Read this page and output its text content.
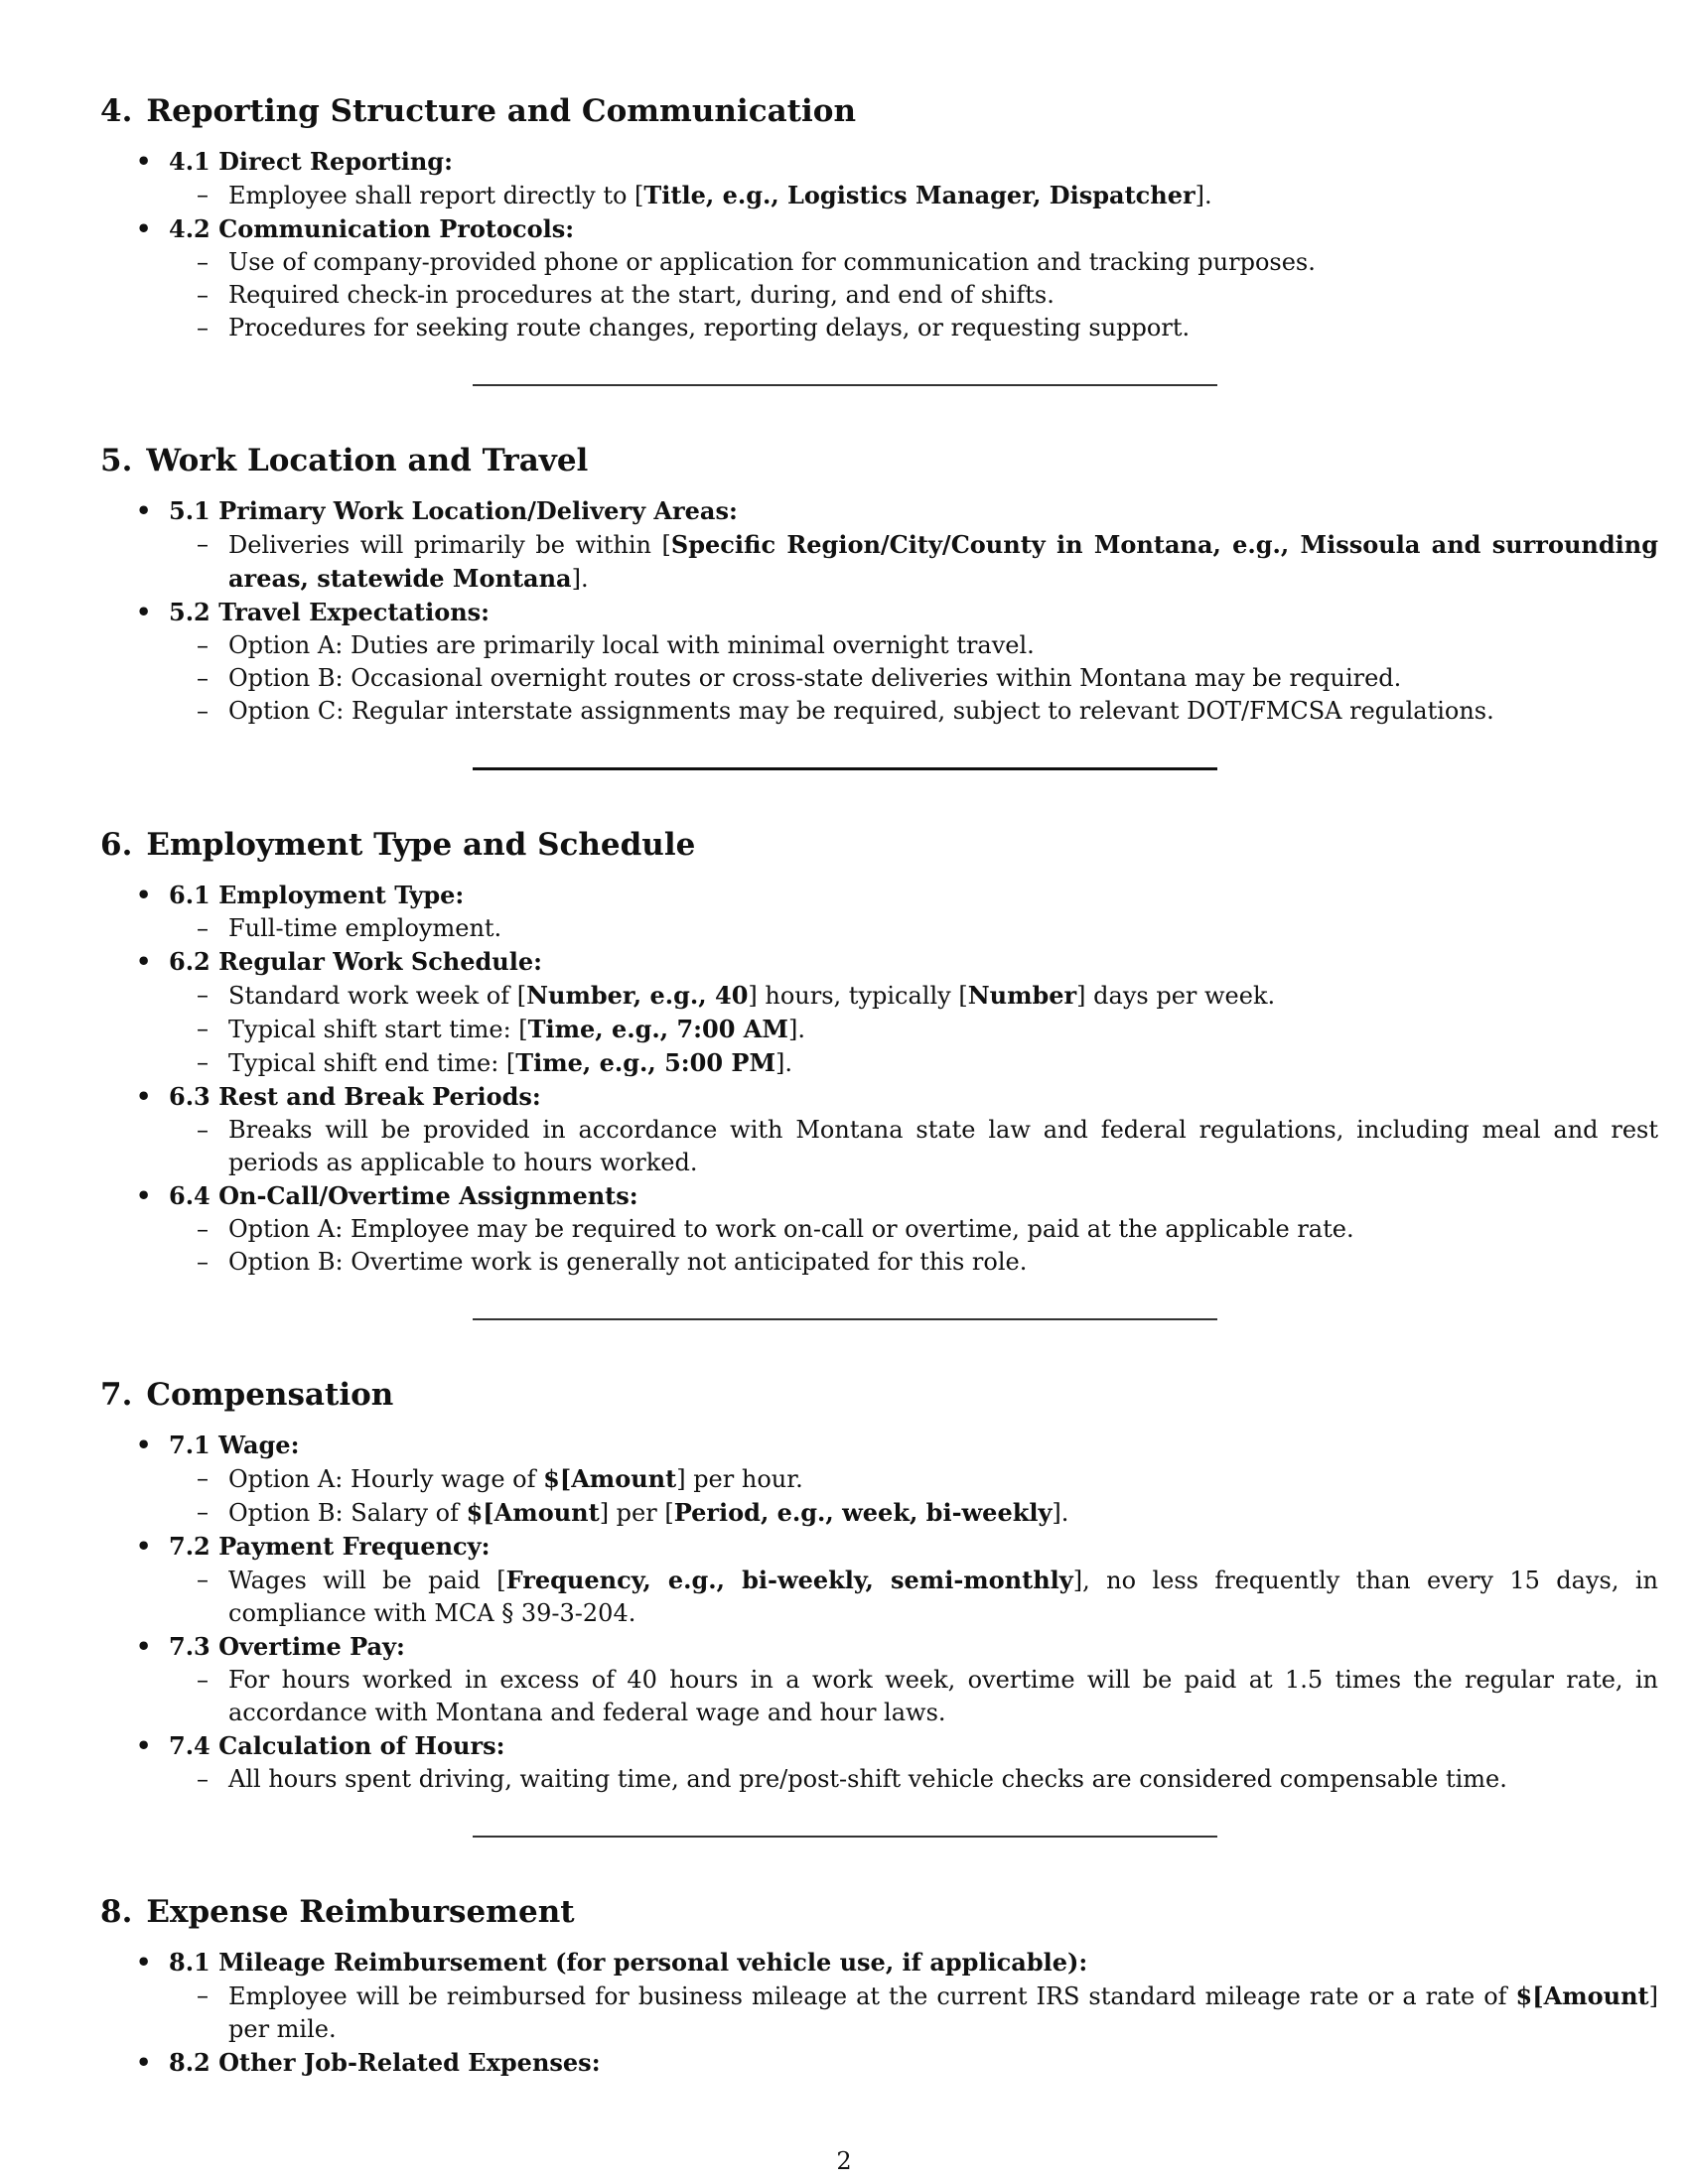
4. Reporting Structure and Communication
• 4.1 Direct Reporting:
– Employee shall report directly to [Title, e.g., Logistics Manager, Dispatcher].
• 4.2 Communication Protocols:
– Use of company-provided phone or application for communication and tracking purposes.
– Required check-in procedures at the start, during, and end of shifts.
– Procedures for seeking route changes, reporting delays, or requesting support.
5. Work Location and Travel
• 5.1 Primary Work Location/Delivery Areas:
– Deliveries will primarily be within [Specific Region/City/County in Montana, e.g., Missoula and surrounding areas, statewide Montana].
• 5.2 Travel Expectations:
– Option A: Duties are primarily local with minimal overnight travel.
– Option B: Occasional overnight routes or cross-state deliveries within Montana may be required.
– Option C: Regular interstate assignments may be required, subject to relevant DOT/FMCSA regulations.
6. Employment Type and Schedule
• 6.1 Employment Type:
– Full-time employment.
• 6.2 Regular Work Schedule:
– Standard work week of [Number, e.g., 40] hours, typically [Number] days per week.
– Typical shift start time: [Time, e.g., 7:00 AM].
– Typical shift end time: [Time, e.g., 5:00 PM].
• 6.3 Rest and Break Periods:
– Breaks will be provided in accordance with Montana state law and federal regulations, including meal and rest periods as applicable to hours worked.
• 6.4 On-Call/Overtime Assignments:
– Option A: Employee may be required to work on-call or overtime, paid at the applicable rate.
– Option B: Overtime work is generally not anticipated for this role.
7. Compensation
• 7.1 Wage:
– Option A: Hourly wage of $[Amount] per hour.
– Option B: Salary of $[Amount] per [Period, e.g., week, bi-weekly].
• 7.2 Payment Frequency:
– Wages will be paid [Frequency, e.g., bi-weekly, semi-monthly], no less frequently than every 15 days, in compliance with MCA § 39-3-204.
• 7.3 Overtime Pay:
– For hours worked in excess of 40 hours in a work week, overtime will be paid at 1.5 times the regular rate, in accordance with Montana and federal wage and hour laws.
• 7.4 Calculation of Hours:
– All hours spent driving, waiting time, and pre/post-shift vehicle checks are considered compensable time.
8. Expense Reimbursement
• 8.1 Mileage Reimbursement (for personal vehicle use, if applicable):
– Employee will be reimbursed for business mileage at the current IRS standard mileage rate or a rate of $[Amount] per mile.
• 8.2 Other Job-Related Expenses:
2
